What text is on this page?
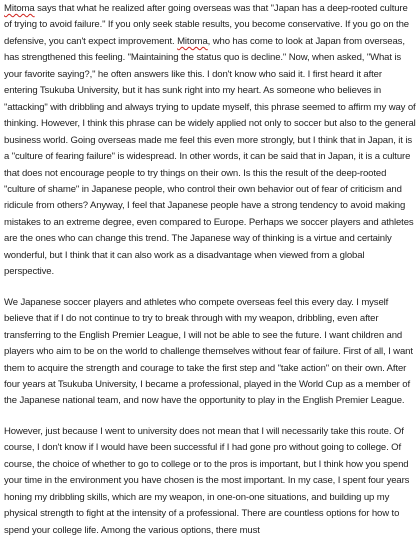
Mitoma says that what he realized after going overseas was that "Japan has a deep-rooted culture of trying to avoid failure." If you only seek stable results, you become conservative. If you go on the defensive, you can't expect improvement. Mitoma, who has come to look at Japan from overseas, has strengthened this feeling. "Maintaining the status quo is decline." Now, when asked, "What is your favorite saying?," he often answers like this. I don't know who said it. I first heard it after entering Tsukuba University, but it has sunk right into my heart. As someone who believes in "attacking" with dribbling and always trying to update myself, this phrase seemed to affirm my way of thinking. However, I think this phrase can be widely applied not only to soccer but also to the general business world. Going overseas made me feel this even more strongly, but I think that in Japan, it is a "culture of fearing failure" is widespread. In other words, it can be said that in Japan, it is a culture that does not encourage people to try things on their own. Is this the result of the deep-rooted "culture of shame" in Japanese people, who control their own behavior out of fear of criticism and ridicule from others? Anyway, I feel that Japanese people have a strong tendency to avoid making mistakes to an extreme degree, even compared to Europe. Perhaps we soccer players and athletes are the ones who can change this trend. The Japanese way of thinking is a virtue and certainly wonderful, but I think that it can also work as a disadvantage when viewed from a global perspective.

We Japanese soccer players and athletes who compete overseas feel this every day. I myself believe that if I do not continue to try to break through with my weapon, dribbling, even after transferring to the English Premier League, I will not be able to see the future. I want children and players who aim to be on the world to challenge themselves without fear of failure. First of all, I want them to acquire the strength and courage to take the first step and "take action" on their own. After four years at Tsukuba University, I became a professional, played in the World Cup as a member of the Japanese national team, and now have the opportunity to play in the English Premier League.

However, just because I went to university does not mean that I will necessarily take this route. Of course, I don't know if I would have been successful if I had gone pro without going to college. Of course, the choice of whether to go to college or to the pros is important, but I think how you spend your time in the environment you have chosen is the most important. In my case, I spent four years honing my dribbling skills, which are my weapon, in one-on-one situations, and building up my physical strength to fight at the intensity of a professional. There are countless options for how to spend your college life. Among the various options, there must
